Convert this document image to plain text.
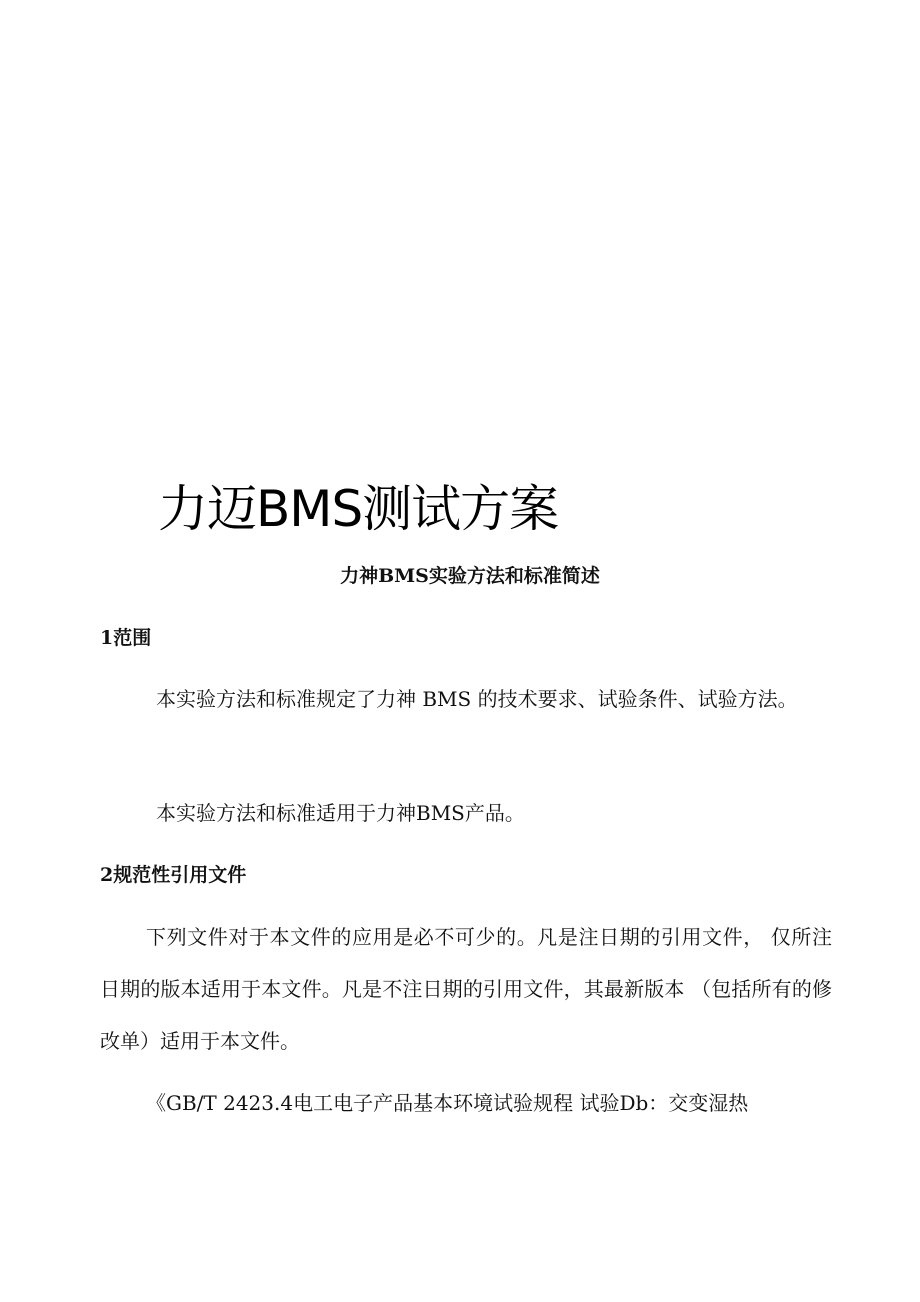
力迈BMS测试方案
力神BMS实验方法和标准简述
1范围
本实验方法和标准规定了力神 BMS 的技术要求、试验条件、试验方法。
本实验方法和标准适用于力神BMS产品。
2规范性引用文件
下列文件对于本文件的应用是必不可少的。凡是注日期的引用文件， 仅所注日期的版本适用于本文件。凡是不注日期的引用文件，其最新版本 （包括所有的修改单）适用于本文件。
《GB/T 2423.4电工电子产品基本环境试验规程 试验Db：交变湿热
